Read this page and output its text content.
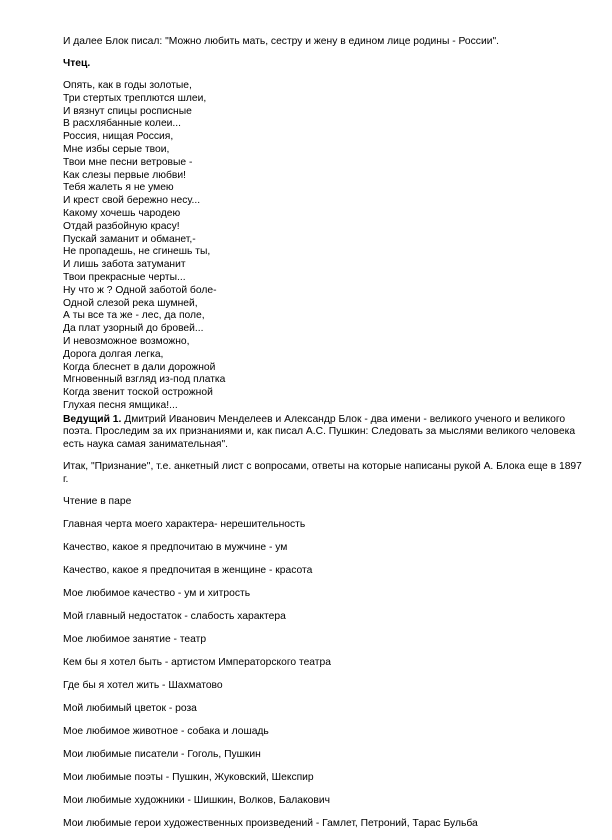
И далее Блок писал: "Можно любить мать, сестру и жену в едином лице родины - России".

Чтец.

Опять, как в годы золотые,

Три стертых треплются шлеи,

И вязнут спицы росписные

В расхлябанные колеи...

Россия, нищая Россия,

Мне избы серые твои,

Твои мне песни ветровые -

Как слезы первые любви!

Тебя жалеть я не умею

И крест свой бережно несу...

Какому хочешь чародею

Отдай разбойную красу!

Пускай заманит и обманет,-

Не пропадешь, не сгинешь ты,

И лишь забота затуманит

Твои прекрасные черты...

Ну что ж ? Одной заботой боле-

Одной слезой река шумней,

А ты все та же - лес, да поле,

Да плат узорный до бровей...

И невозможное возможно,

Дорога долгая легка,

Когда блеснет в дали дорожной

Мгновенный взгляд из-под платка

Когда звенит тоской острожной

Глухая песня ямщика!...

Ведущий 1. Дмитрий Иванович Менделеев и Александр Блок - два имени - великого ученого и великого поэта. Проследим за их признаниями и, как писал А.С. Пушкин: Следовать за мыслями великого человека есть наука самая занимательная".

Итак, "Признание", т.е. анкетный лист с вопросами, ответы на которые написаны рукой А. Блока еще в 1897 г.

Чтение в паре

Главная черта моего характера- нерешительность

Качество, какое я предпочитаю в мужчине - ум

Качество, какое я предпочитая в женщине - красота

Мое любимое качество - ум и хитрость

Мой главный недостаток - слабость характера

Мое любимое занятие - театр

Кем бы я хотел быть - артистом Императорского театра

Где бы я хотел жить - Шахматово

Мой любимый цветок - роза

Мое любимое животное - собака и лошадь

Мои любимые писатели - Гоголь, Пушкин

Мои любимые поэты - Пушкин, Жуковский, Шекспир

Мои любимые художники - Шишкин, Волков, Балакович

Мои любимые герои художественных произведений - Гамлет, Петроний, Тарас Бульба
